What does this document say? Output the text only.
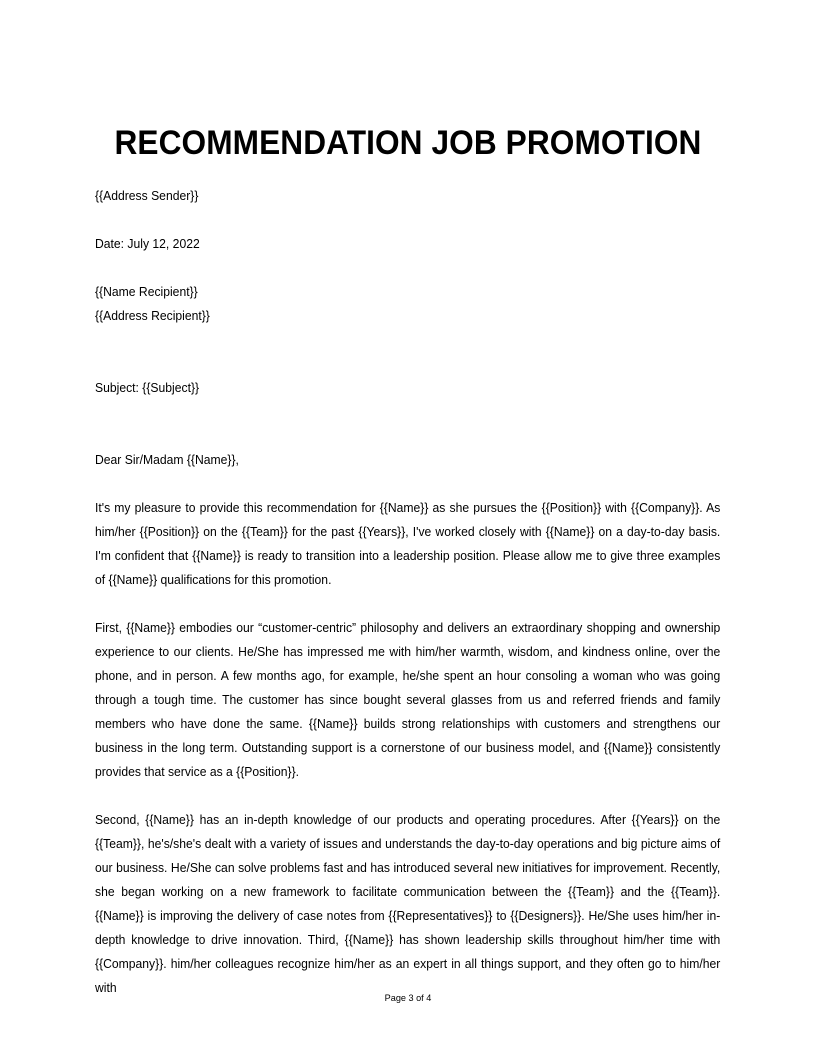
RECOMMENDATION JOB PROMOTION
{{Address Sender}}
Date: July 12, 2022
{{Name Recipient}}
{{Address Recipient}}
Subject: {{Subject}}
Dear Sir/Madam {{Name}},
It's my pleasure to provide this recommendation for {{Name}} as she pursues the {{Position}} with {{Company}}. As him/her {{Position}} on the {{Team}} for the past {{Years}}, I've worked closely with {{Name}} on a day-to-day basis. I'm confident that {{Name}} is ready to transition into a leadership position. Please allow me to give three examples of {{Name}} qualifications for this promotion.
First, {{Name}} embodies our “customer-centric” philosophy and delivers an extraordinary shopping and ownership experience to our clients. He/She has impressed me with him/her warmth, wisdom, and kindness online, over the phone, and in person. A few months ago, for example, he/she spent an hour consoling a woman who was going through a tough time. The customer has since bought several glasses from us and referred friends and family members who have done the same. {{Name}} builds strong relationships with customers and strengthens our business in the long term. Outstanding support is a cornerstone of our business model, and {{Name}} consistently provides that service as a {{Position}}.
Second, {{Name}} has an in-depth knowledge of our products and operating procedures. After {{Years}} on the {{Team}}, he's/she's dealt with a variety of issues and understands the day-to-day operations and big picture aims of our business. He/She can solve problems fast and has introduced several new initiatives for improvement. Recently, she began working on a new framework to facilitate communication between the {{Team}} and the {{Team}}. {{Name}} is improving the delivery of case notes from {{Representatives}} to {{Designers}}. He/She uses him/her in-depth knowledge to drive innovation. Third, {{Name}} has shown leadership skills throughout him/her time with {{Company}}. him/her colleagues recognize him/her as an expert in all things support, and they often go to him/her with
Page 3 of 4
